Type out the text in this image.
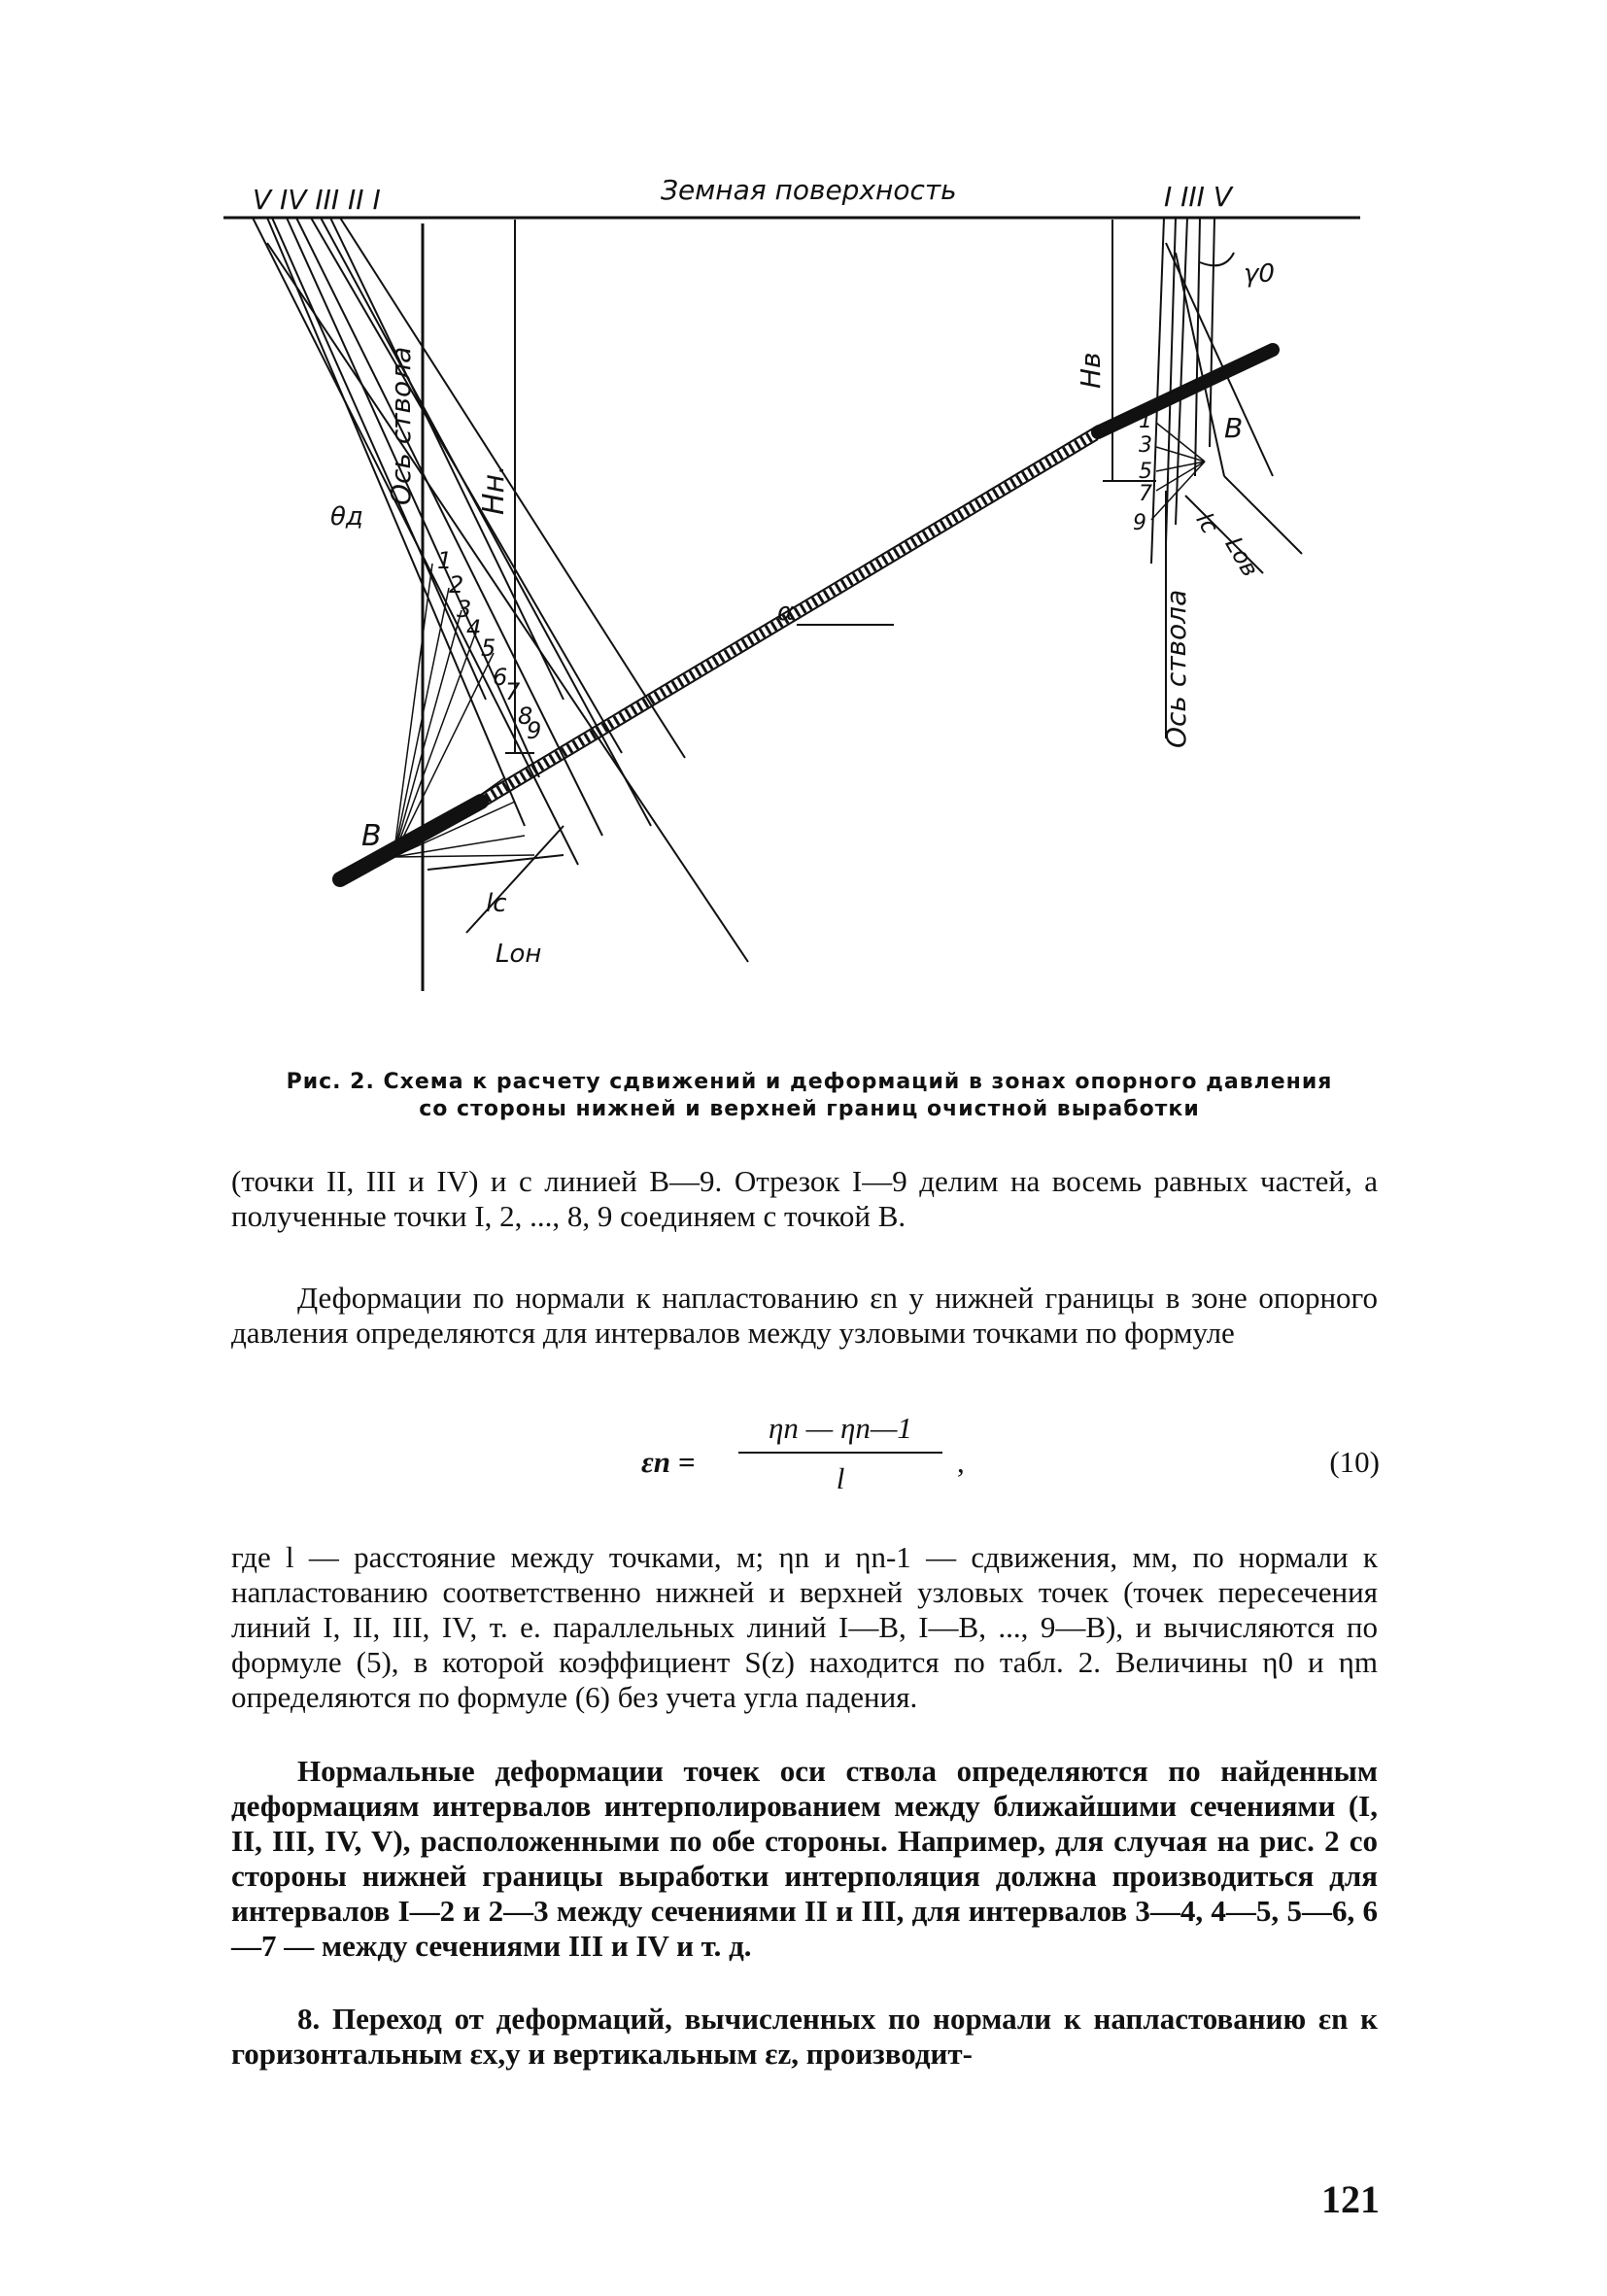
Земная поверхность
V IV III II I	I III V
Ось ствола Hн.
α
B
1 2 3 4 5 6 7 8 9
θд
lс
Lон
γ0
Hв
B
1 3 5 7 9	lс
Lов
Ось ствола
Рис. 2. Схема к расчету сдвижений и деформаций в зонах опорного давления
со стороны нижней и верхней границ очистной выработки
(точки II, III и IV) и с линией В—9. Отрезок I—9 делим на восемь равных частей, а полученные точки I, 2, ..., 8, 9 соединяем с точкой В.
Деформации по нормали к напластованию εn у нижней границы в зоне опорного давления определяются для интервалов между узловыми точками по формуле
εn =
ηn — ηn—1
l	,	(10)
где l — расстояние между точками, м; ηn и ηn-1 — сдвижения, мм, по нормали к напластованию соответственно нижней и верхней узловых точек (точек пересечения линий I, II, III, IV, т. е. параллельных линий I—В, I—В, ..., 9—В), и вычисляются по формуле (5), в которой коэффициент S(z) находится по табл. 2. Величины η0 и ηm определяются по формуле (6) без учета угла падения.
Нормальные деформации точек оси ствола определяются по найденным деформациям интервалов интерполированием между ближайшими сечениями (I, II, III, IV, V), расположенными по обе стороны. Например, для случая на рис. 2 со стороны нижней границы выработки интерполяция должна производиться для интервалов I—2 и 2—3 между сечениями II и III, для интервалов 3—4, 4—5, 5—6, 6—7 — между сечениями III и IV и т. д.
8. Переход от деформаций, вычисленных по нормали к напластованию εn к горизонтальным εx,y и вертикальным εz, производит-
121
